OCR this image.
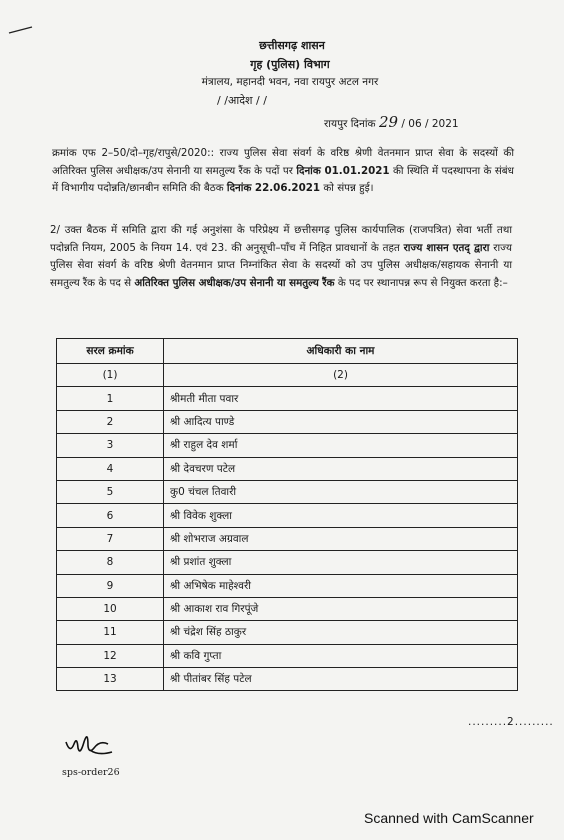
छत्तीसगढ़ शासन
गृह (पुलिस) विभाग
मंत्रालय, महानदी भवन, नवा रायपुर अटल नगर
/ /आदेश / /
रायपुर दिनांक 29 / 06 / 2021

क्रमांक एफ 2–50/दो–गृह/रापुसे/2020:: राज्य पुलिस सेवा संवर्ग के वरिष्ठ श्रेणी वेतनमान प्राप्त सेवा के सदस्यों की अतिरिक्त पुलिस अधीक्षक/उप सेनानी या समतुल्य रैंक के पदों पर दिनांक 01.01.2021 की स्थिति में पदस्थापना के संबंध में विभागीय पदोन्नति/छानबीन समिति की बैठक दिनांक 22.06.2021 को संपन्न हुई।

2/ उक्त बैठक में समिति द्वारा की गई अनुशंसा के परिप्रेक्ष्य में छत्तीसगढ़ पुलिस कार्यपालिक (राजपत्रित) सेवा भर्ती तथा पदोन्नति नियम, 2005 के नियम 14. एवं 23. की अनुसूची–पाँच में निहित प्रावधानों के तहत राज्य शासन एतद् द्वारा राज्य पुलिस सेवा संवर्ग के वरिष्ठ श्रेणी वेतनमान प्राप्त निम्नांकित सेवा के सदस्यों को उप पुलिस अधीक्षक/सहायक सेनानी या समतुल्य रैंक के पद से अतिरिक्त पुलिस अधीक्षक/उप सेनानी या समतुल्य रैंक के पद पर स्थानापन्न रूप से नियुक्त करता है:–

सरल क्रमांक	अधिकारी का नाम
(1)	(2)
1	श्रीमती मीता पवार
2	श्री आदित्य पाण्डे
3	श्री राहुल देव शर्मा
4	श्री देवचरण पटेल
5	कु0 चंचल तिवारी
6	श्री विवेक शुक्ला
7	श्री शोभराज अग्रवाल
8	श्री प्रशांत शुक्ला
9	श्री अभिषेक माहेश्वरी
10	श्री आकाश राव गिरपूंजे
11	श्री चंद्रेश सिंह ठाकुर
12	श्री कवि गुप्ता
13	श्री पीतांबर सिंह पटेल
.........2.........
sps-order26
Scanned with CamScanner
